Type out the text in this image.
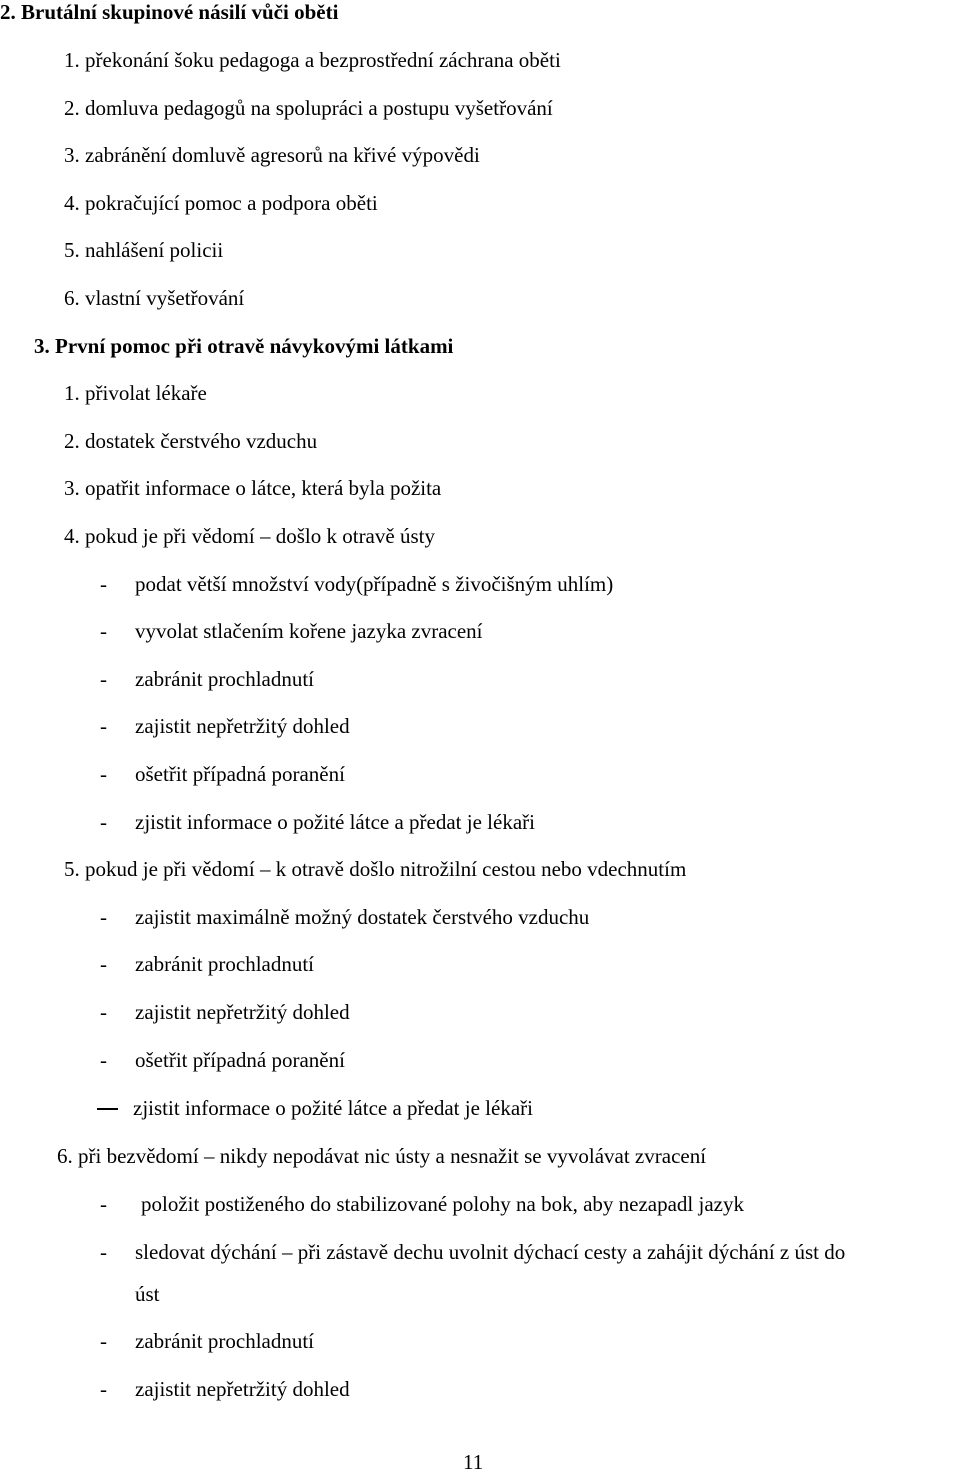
2. Brutální skupinové násilí vůči oběti
1. překonání šoku pedagoga a bezprostřední záchrana oběti
2. domluva pedagogů na spolupráci a postupu vyšetřování
3. zabránění domluvě agresorů na křivé výpovědi
4. pokračující pomoc a podpora oběti
5. nahlášení policii
6. vlastní vyšetřování
3. První pomoc při otravě návykovými látkami
1. přivolat lékaře
2. dostatek čerstvého vzduchu
3. opatřit informace o látce, která byla požita
4. pokud je při vědomí – došlo k otravě ústy
- podat větší množství vody(případně s živočišným uhlím)
- vyvolat stlačením kořene jazyka zvracení
- zabránit prochladnutí
- zajistit nepřetržitý dohled
- ošetřit případná poranění
- zjistit informace o požité látce a předat je lékaři
5. pokud je při vědomí – k otravě došlo nitrožilní cestou nebo vdechnutím
- zajistit maximálně možný dostatek čerstvého vzduchu
- zabránit prochladnutí
- zajistit nepřetržitý dohled
- ošetřit případná poranění
zjistit informace o požité látce a předat je lékaři
6. při bezvědomí – nikdy nepodávat nic ústy a nesnažit se vyvolávat zvracení
- položit postiženého do stabilizované polohy na bok, aby nezapadl jazyk
- sledovat dýchání – při zástavě dechu uvolnit dýchací cesty a zahájit dýchání z úst do
úst
- zabránit prochladnutí
- zajistit nepřetržitý dohled
11
